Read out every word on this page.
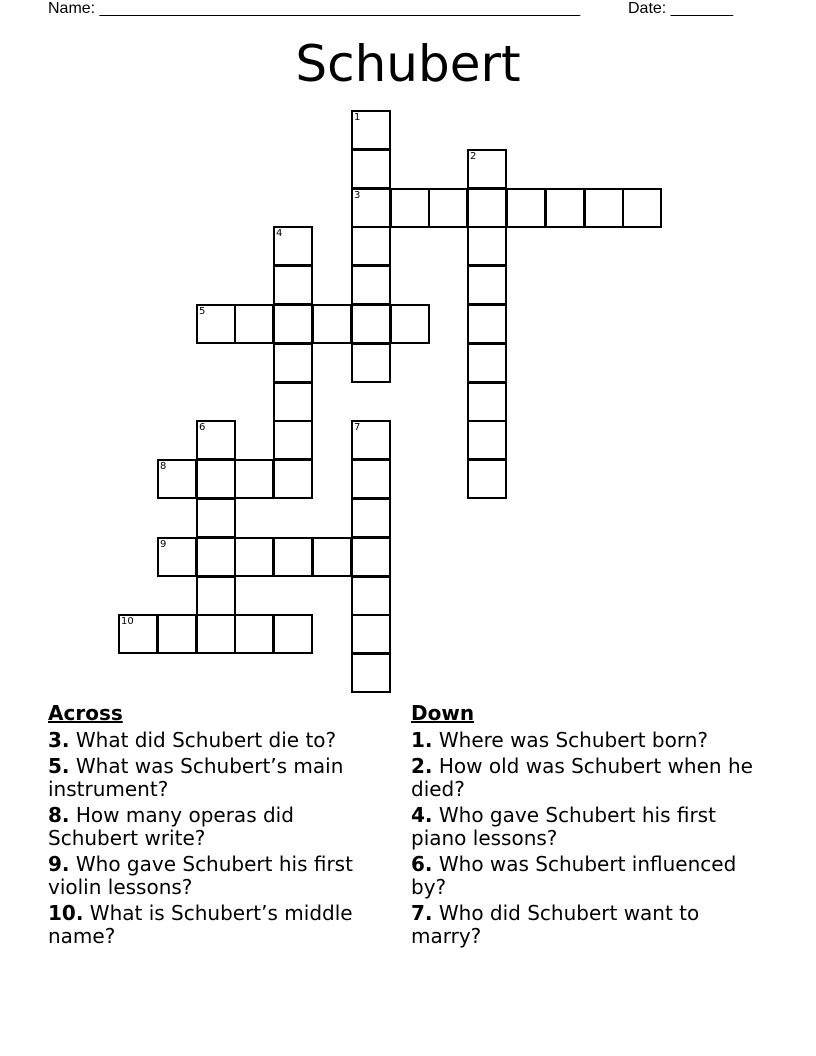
Name: ______________________________________________________	Date: _______
Schubert
1
3
2
4
5
6	7
8
9
10
Across
3. What did Schubert die to?
5. What was Schubert’s main instrument?
8. How many operas did Schubert write?
9. Who gave Schubert his first violin lessons?
10. What is Schubert’s middle name?
Down
1. Where was Schubert born?
2. How old was Schubert when he died?
4. Who gave Schubert his first piano lessons?
6. Who was Schubert influenced by?
7. Who did Schubert want to marry?
